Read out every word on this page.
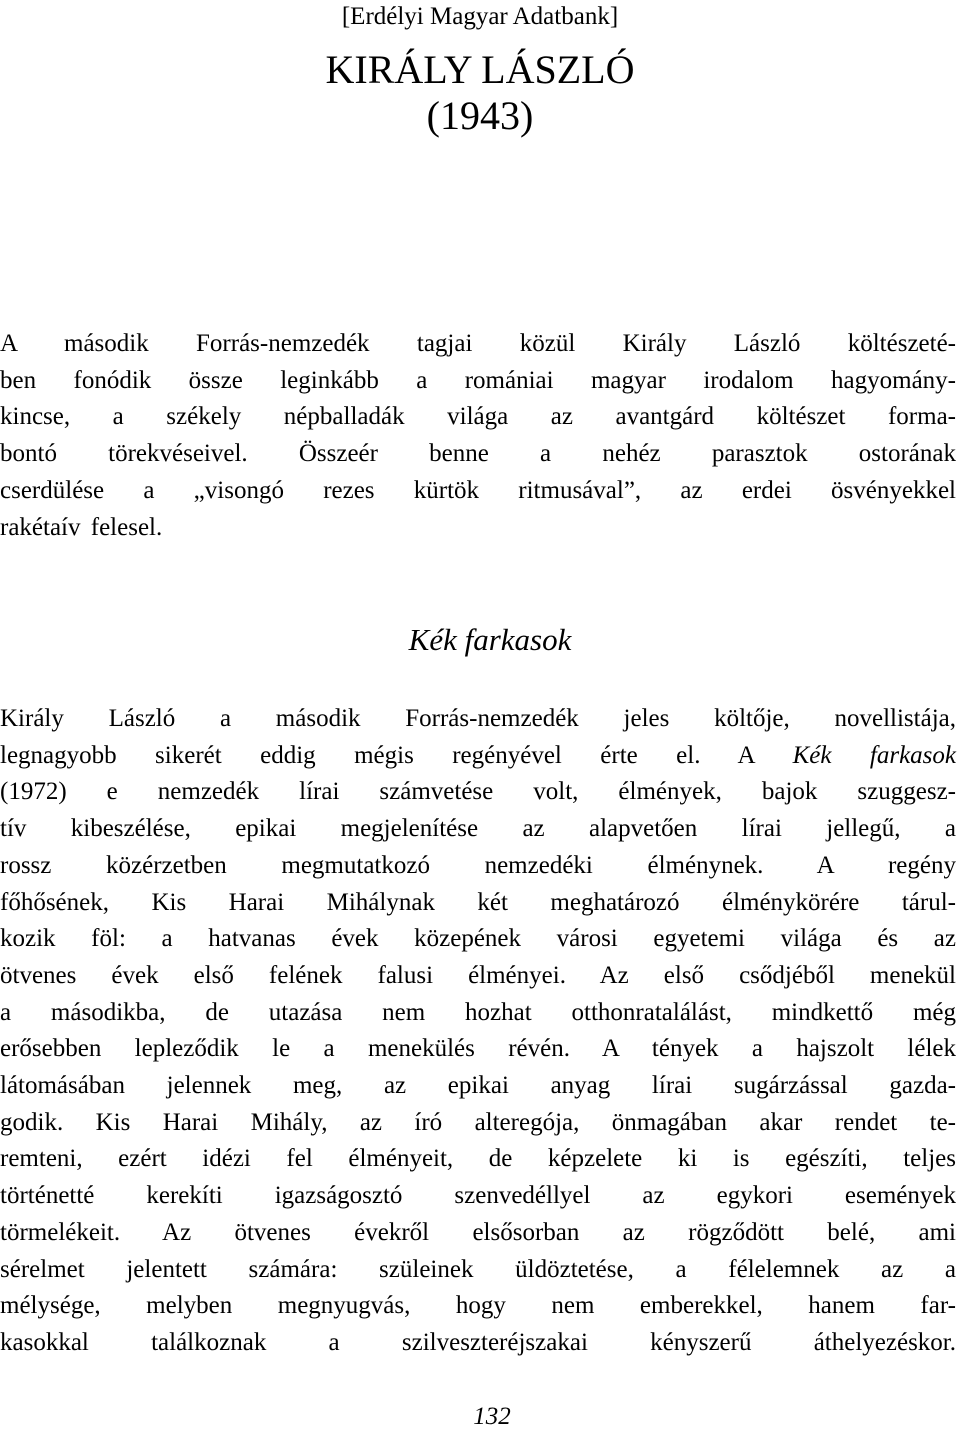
[Erdélyi Magyar Adatbank]
KIRÁLY LÁSZLÓ
(1943)
A második Forrás-nemzedék tagjai közül Király László költészeté-
ben fonódik össze leginkább a romániai magyar irodalom hagyomány-
kincse, a székely népballadák világa az avantgárd költészet forma-
bontó törekvéseivel. Összeér benne a nehéz parasztok ostorának
cserdülése a „visongó rezes kürtök ritmusával”, az erdei ösvényekkel
rakétaív felesel.
Kék farkasok
Király László a második Forrás-nemzedék jeles költője, novellistája,
legnagyobb sikerét eddig mégis regényével érte el. A Kék farkasok
(1972) e nemzedék lírai számvetése volt, élmények, bajok szuggesz-
tív kibeszélése, epikai megjelenítése az alapvetően lírai jellegű, a
rossz közérzetben megmutatkozó nemzedéki élménynek. A regény
főhősének, Kis Harai Mihálynak két meghatározó élménykörére tárul-
kozik föl: a hatvanas évek közepének városi egyetemi világa és az
ötvenes évek első felének falusi élményei. Az első csődjéből menekül
a másodikba, de utazása nem hozhat otthonratalálást, mindkettő még
erősebben lepleződik le a menekülés révén. A tények a hajszolt lélek
látomásában jelennek meg, az epikai anyag lírai sugárzással gazda-
godik. Kis Harai Mihály, az író alteregója, önmagában akar rendet te-
remteni, ezért idézi fel élményeit, de képzelete ki is egészíti, teljes
történetté kerekíti igazságosztó szenvedéllyel az egykori események
törmelékeit. Az ötvenes évekről elsősorban az rögződött belé, ami
sérelmet jelentett számára: szüleinek üldöztetése, a félelemnek az a
mélysége, melyben megnyugvás, hogy nem emberekkel, hanem far-
kasokkal találkoznak a szilveszteréjszakai kényszerű áthelyezéskor.
132
